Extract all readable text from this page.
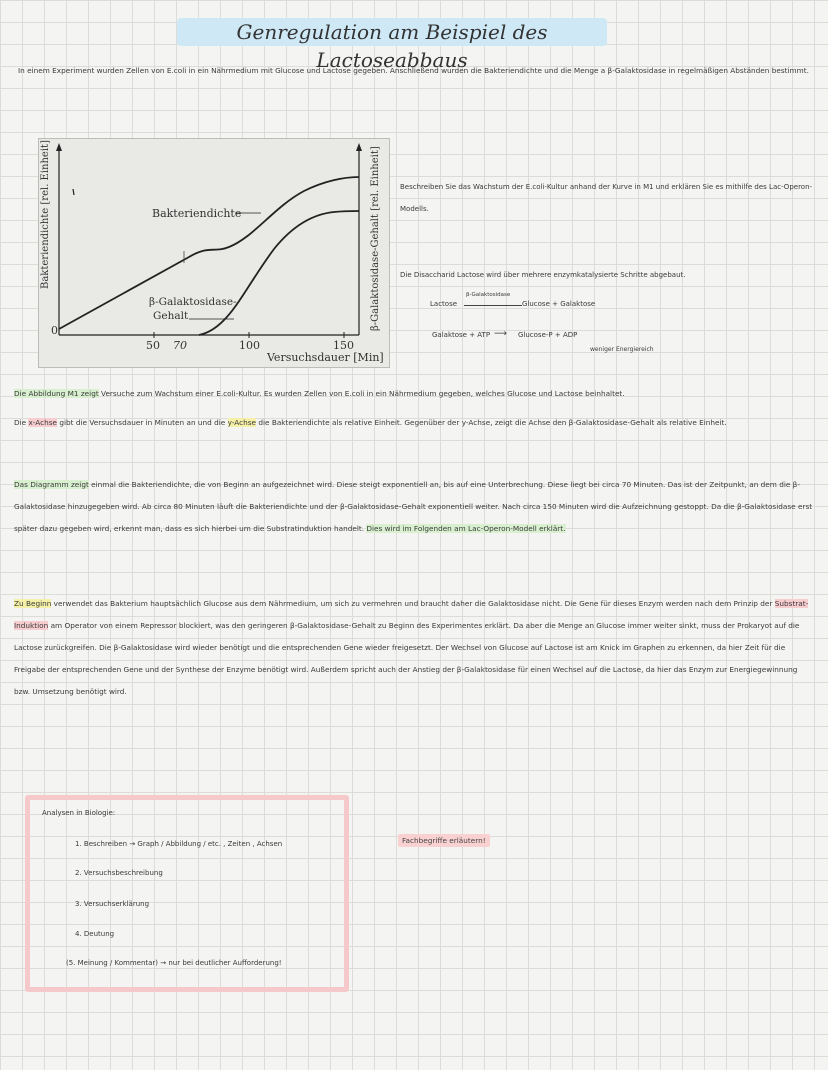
Genregulation am Beispiel des Lactoseabbaus
In einem Experiment wurden Zellen von E.coli in ein Nährmedium mit Glucose und Lactose gegeben. Anschließend wurden die Bakteriendichte und die Menge a β-Galaktosidase in regelmäßigen Abständen bestimmt.
0
50 70	100	150
Versuchsdauer [Min]
Bakteriendichte
β-Galaktosidase-
Gehalt
Bakteriendichte [rel. Einheit]	β-Galaktosidase-Gehalt [rel. Einheit]	Beschreiben Sie das Wachstum der E.coli-Kultur anhand der Kurve in M1 und erklären Sie es mithilfe des Lac-Operon-Modells.
Die Disaccharid Lactose wird über mehrere enzymkatalysierte Schritte abgebaut.
Lactose
β-Galaktosidase
Glucose + Galaktose
Galaktose + ATP ⟶ Glucose-P + ADP
weniger Energiereich
Die Abbildung M1 zeigt Versuche zum Wachstum einer E.coli-Kultur. Es wurden Zellen von E.coli in ein Nährmedium gegeben, welches Glucose und Lactose beinhaltet.
Die x-Achse gibt die Versuchsdauer in Minuten an und die y-Achse die Bakteriendichte als relative Einheit. Gegenüber der y-Achse, zeigt die Achse den β-Galaktosidase-Gehalt als relative Einheit.
Das Diagramm zeigt einmal die Bakteriendichte, die von Beginn an aufgezeichnet wird. Diese steigt exponentiell an, bis auf eine Unterbrechung. Diese liegt bei circa 70 Minuten. Das ist der Zeitpunkt, an dem die β-Galaktosidase hinzugegeben wird. Ab circa 80 Minuten läuft die Bakteriendichte und der β-Galaktosidase-Gehalt exponentiell weiter. Nach circa 150 Minuten wird die Aufzeichnung gestoppt. Da die β-Galaktosidase erst später dazu gegeben wird, erkennt man, dass es sich hierbei um die Substratinduktion handelt. Dies wird im Folgenden am Lac-Operon-Modell erklärt.
Zu Beginn verwendet das Bakterium hauptsächlich Glucose aus dem Nährmedium, um sich zu vermehren und braucht daher die Galaktosidase nicht. Die Gene für dieses Enzym werden nach dem Prinzip der Substrat-Induktion am Operator von einem Repressor blockiert, was den geringeren β-Galaktosidase-Gehalt zu Beginn des Experimentes erklärt. Da aber die Menge an Glucose immer weiter sinkt, muss der Prokaryot auf die Lactose zurückgreifen. Die β-Galaktosidase wird wieder benötigt und die entsprechenden Gene wieder freigesetzt. Der Wechsel von Glucose auf Lactose ist am Knick im Graphen zu erkennen, da hier Zeit für die Freigabe der entsprechenden Gene und der Synthese der Enzyme benötigt wird. Außerdem spricht auch der Anstieg der β-Galaktosidase für einen Wechsel auf die Lactose, da hier das Enzym zur Energiegewinnung bzw. Umsetzung benötigt wird.
Analysen in Biologie:
1. Beschreiben → Graph / Abbildung / etc. , Zeiten , Achsen
2. Versuchsbeschreibung
3. Versuchserklärung
4. Deutung
(5. Meinung / Kommentar) → nur bei deutlicher Aufforderung!
Fachbegriffe erläutern!
